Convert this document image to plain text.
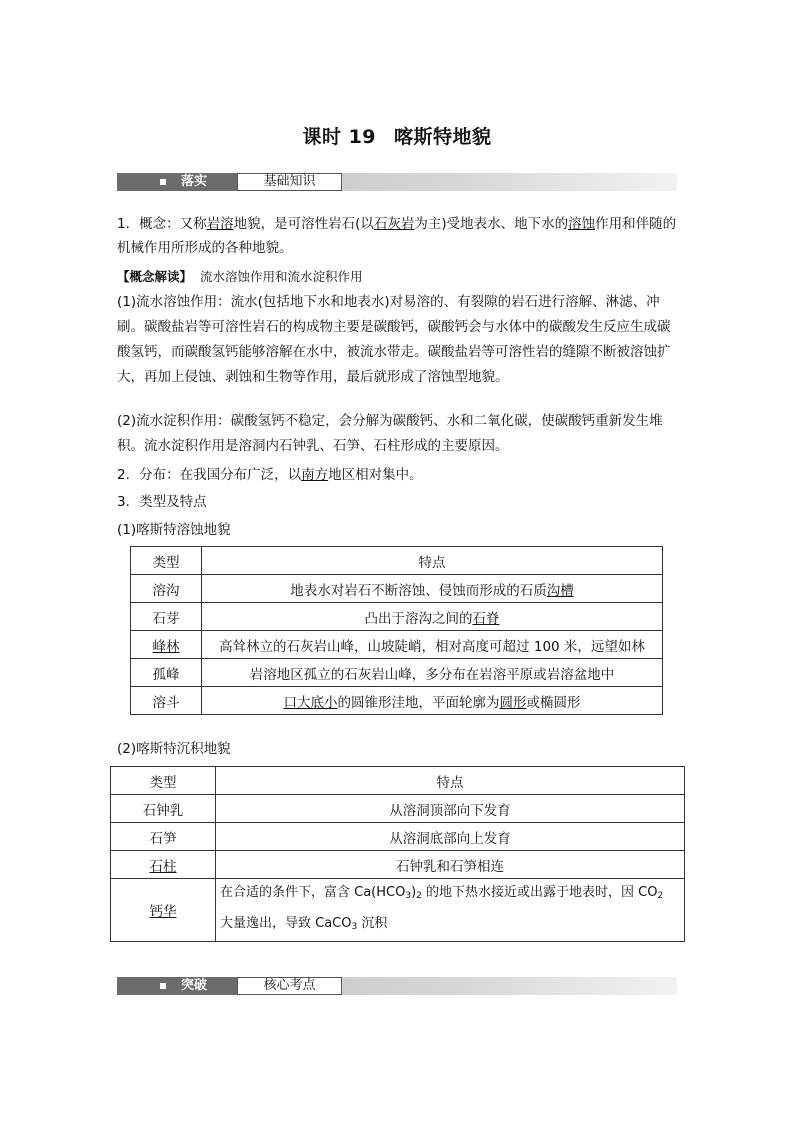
课时 19 喀斯特地貌
落实	基础知识
1．概念：又称岩溶地貌，是可溶性岩石(以石灰岩为主)受地表水、地下水的溶蚀作用和伴随的机械作用所形成的各种地貌。
【概念解读】 流水溶蚀作用和流水淀积作用
(1)流水溶蚀作用：流水(包括地下水和地表水)对易溶的、有裂隙的岩石进行溶解、淋滤、冲刷。碳酸盐岩等可溶性岩石的构成物主要是碳酸钙，碳酸钙会与水体中的碳酸发生反应生成碳酸氢钙，而碳酸氢钙能够溶解在水中，被流水带走。碳酸盐岩等可溶性岩的缝隙不断被溶蚀扩大，再加上侵蚀、剥蚀和生物等作用，最后就形成了溶蚀型地貌。
(2)流水淀积作用：碳酸氢钙不稳定，会分解为碳酸钙、水和二氧化碳，使碳酸钙重新发生堆积。流水淀积作用是溶洞内石钟乳、石笋、石柱形成的主要原因。
2．分布：在我国分布广泛，以南方地区相对集中。
3．类型及特点
(1)喀斯特溶蚀地貌
类型	特点
溶沟	地表水对岩石不断溶蚀、侵蚀而形成的石质沟槽
石芽	凸出于溶沟之间的石脊
峰林	高耸林立的石灰岩山峰，山坡陡峭，相对高度可超过 100 米，远望如林
孤峰	岩溶地区孤立的石灰岩山峰，多分布在岩溶平原或岩溶盆地中
溶斗	口大底小的圆锥形洼地，平面轮廓为圆形或椭圆形
(2)喀斯特沉积地貌
类型	特点
石钟乳	从溶洞顶部向下发育
石笋	从溶洞底部向上发育
石柱	石钟乳和石笋相连
钙华	在合适的条件下，富含 $Ca(HCO_3)_2$ 的地下热水接近或出露于地表时，因 $CO_2$
大量逸出，导致 CaCO$_3$ 沉积
突破	核心考点
